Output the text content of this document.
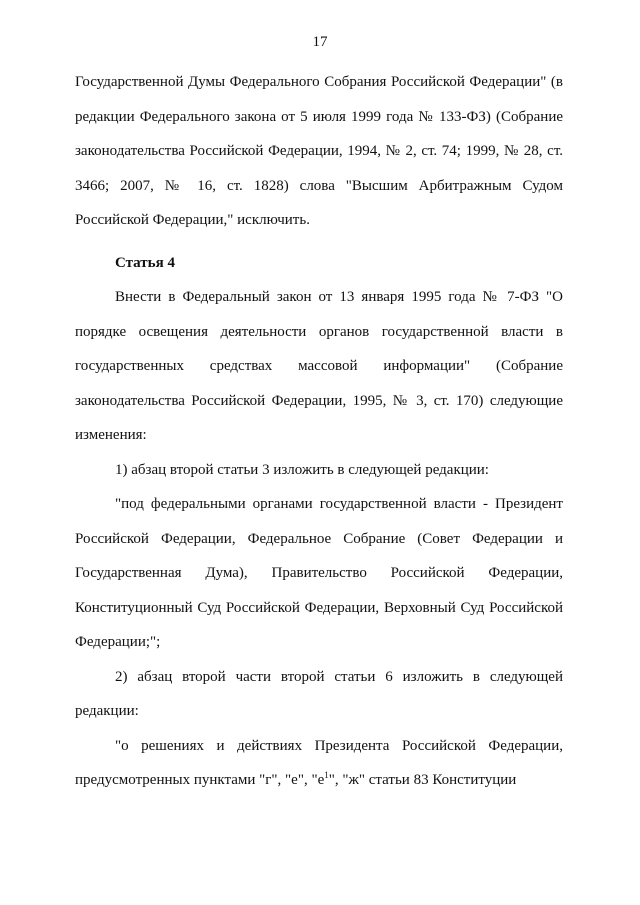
17

Государственной Думы Федерального Собрания Российской Федерации" (в редакции Федерального закона от 5 июля 1999 года № 133-ФЗ) (Собрание законодательства Российской Федерации, 1994, № 2, ст. 74; 1999, № 28, ст. 3466; 2007, № 16, ст. 1828) слова "Высшим Арбитражным Судом Российской Федерации," исключить.

Статья 4

Внести в Федеральный закон от 13 января 1995 года № 7-ФЗ "О порядке освещения деятельности органов государственной власти в государственных средствах массовой информации" (Собрание законодательства Российской Федерации, 1995, № 3, ст. 170) следующие изменения:

1) абзац второй статьи 3 изложить в следующей редакции:

"под федеральными органами государственной власти - Президент Российской Федерации, Федеральное Собрание (Совет Федерации и Государственная Дума), Правительство Российской Федерации, Конституционный Суд Российской Федерации, Верховный Суд Российской Федерации;";

2) абзац второй части второй статьи 6 изложить в следующей редакции:

"о решениях и действиях Президента Российской Федерации, предусмотренных пунктами "г", "е", "$е^1$", "ж" статьи 83 Конституции
